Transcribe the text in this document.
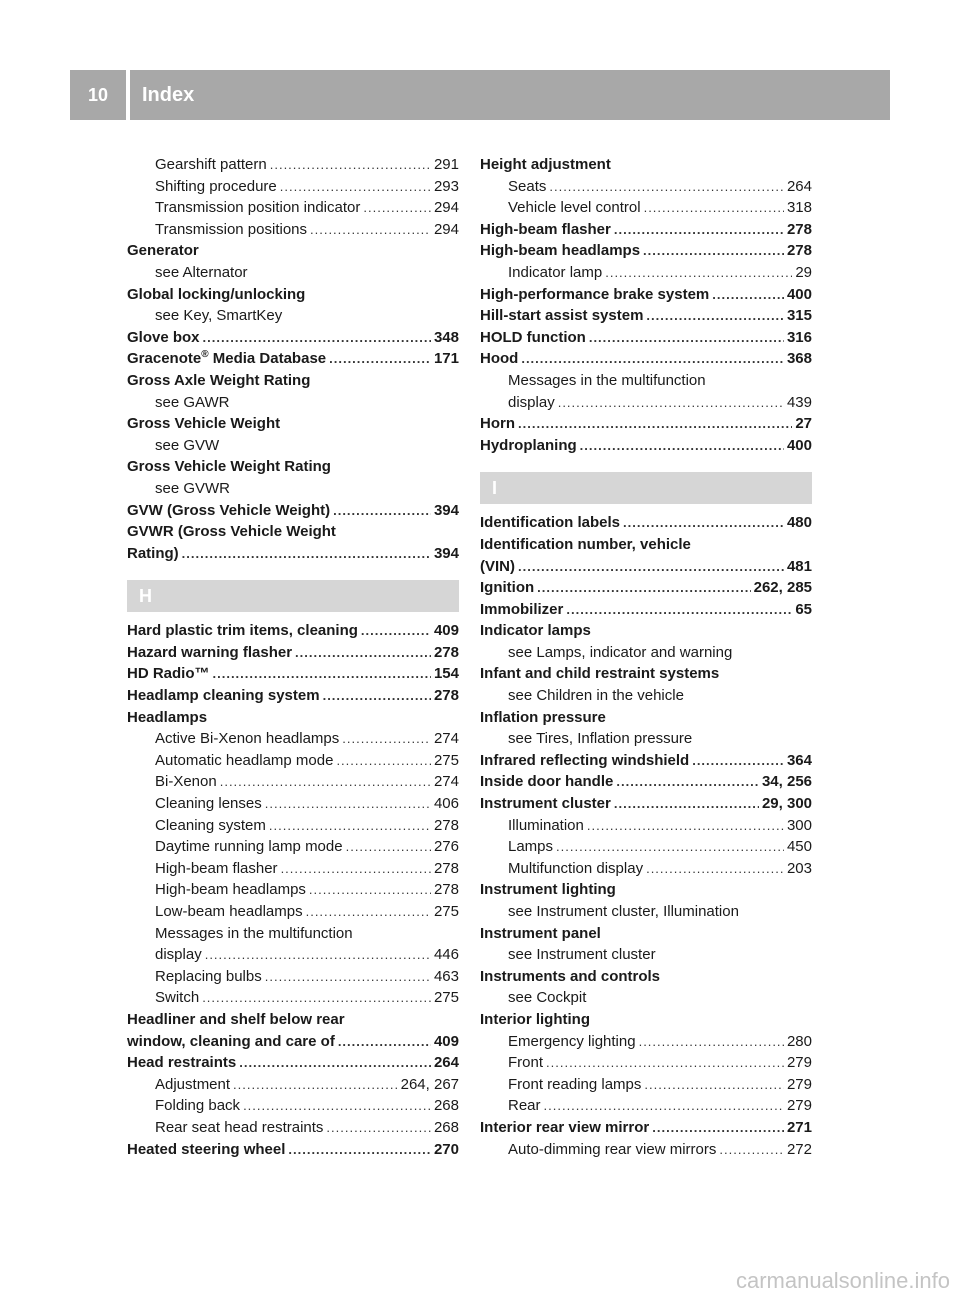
10	Index
Gearshift pattern .....	291
Shifting procedure .....	293
Transmission position indicator .....	294
Transmission positions .....	294
Generator
see Alternator
Global locking/unlocking
see Key, SmartKey
Glove box .....	348
Gracenote® Media Database .....	171
Gross Axle Weight Rating
see GAWR
Gross Vehicle Weight
see GVW
Gross Vehicle Weight Rating
see GVWR
GVW (Gross Vehicle Weight) .....	394
GVWR (Gross Vehicle Weight
Rating) .....	394
H
Hard plastic trim items, cleaning .....	409
Hazard warning flasher .....	278
HD Radio™ .....	154
Headlamp cleaning system .....	278
Headlamps
Active Bi-Xenon headlamps .....	274
Automatic headlamp mode .....	275
Bi-Xenon .....	274
Cleaning lenses .....	406
Cleaning system .....	278
Daytime running lamp mode .....	276
High-beam flasher .....	278
High-beam headlamps .....	278
Low-beam headlamps .....	275
Messages in the multifunction
display .....	446
Replacing bulbs .....	463
Switch .....	275
Headliner and shelf below rear
window, cleaning and care of .....	409
Head restraints .....	264
Adjustment .....	264, 267
Folding back .....	268
Rear seat head restraints .....	268
Heated steering wheel .....	270
Height adjustment
Seats .....	264
Vehicle level control .....	318
High-beam flasher .....	278
High-beam headlamps .....	278
Indicator lamp .....	29
High-performance brake system .....	400
Hill-start assist system .....	315
HOLD function .....	316
Hood .....	368
Messages in the multifunction
display .....	439
Horn .....	27
Hydroplaning .....	400
I
Identification labels .....	480
Identification number, vehicle
(VIN) .....	481
Ignition .....	262, 285
Immobilizer .....	65
Indicator lamps
see Lamps, indicator and warning
Infant and child restraint systems
see Children in the vehicle
Inflation pressure
see Tires, Inflation pressure
Infrared reflecting windshield .....	364
Inside door handle .....	34, 256
Instrument cluster .....	29, 300
Illumination .....	300
Lamps .....	450
Multifunction display .....	203
Instrument lighting
see Instrument cluster, Illumination
Instrument panel
see Instrument cluster
Instruments and controls
see Cockpit
Interior lighting
Emergency lighting .....	280
Front .....	279
Front reading lamps .....	279
Rear .....	279
Interior rear view mirror .....	271
Auto-dimming rear view mirrors .....	272
carmanualsonline.info
